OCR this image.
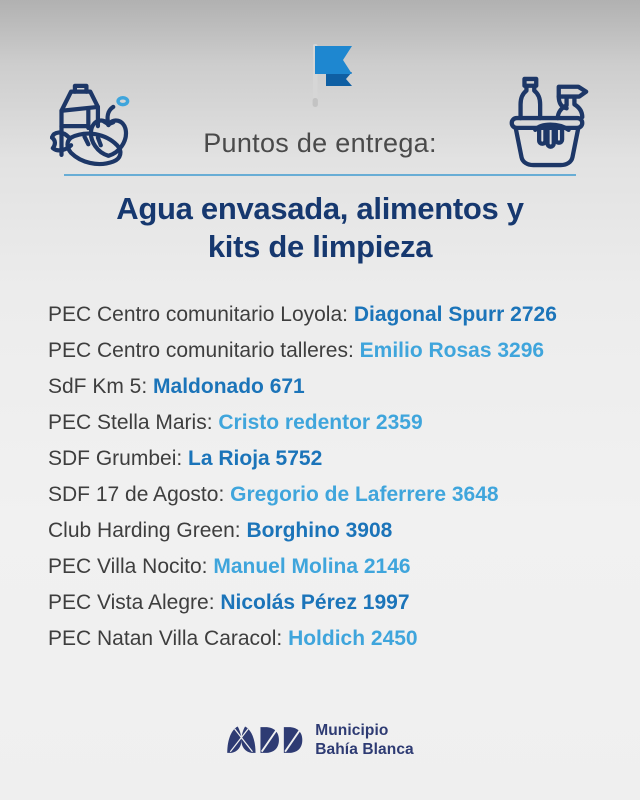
Puntos de entrega:
Agua envasada, alimentos y
kits de limpieza
PEC Centro comunitario Loyola: Diagonal Spurr 2726
PEC Centro comunitario talleres: Emilio Rosas 3296
SdF Km 5: Maldonado 671
PEC Stella Maris: Cristo redentor 2359
SDF Grumbei: La Rioja 5752
SDF 17 de Agosto: Gregorio de Laferrere 3648
Club Harding Green: Borghino 3908
PEC Villa Nocito: Manuel Molina 2146
PEC Vista Alegre: Nicolás Pérez 1997
PEC Natan Villa Caracol: Holdich 2450
Municipio
Bahía Blanca
